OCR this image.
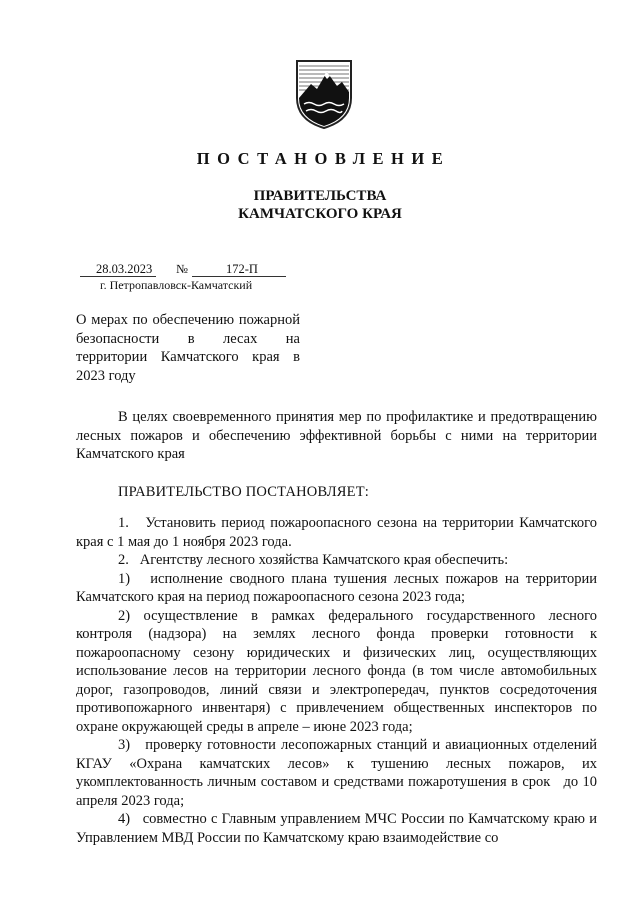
ПОСТАНОВЛЕНИЕ
ПРАВИТЕЛЬСТВА
КАМЧАТСКОГО КРАЯ
28.03.2023	№	172-П
г. Петропавловск-Камчатский
О мерах по обеспечению пожарной безопасности в лесах на территории Камчатского края в 2023 году
В целях своевременного принятия мер по профилактике и предотвращению лесных пожаров и обеспечению эффективной борьбы с ними на территории Камчатского края
ПРАВИТЕЛЬСТВО ПОСТАНОВЛЯЕТ:

1.   Установить период пожароопасного сезона на территории Камчатского края с 1 мая до 1 ноября 2023 года.

2.   Агентству лесного хозяйства Камчатского края обеспечить:

1)   исполнение сводного плана тушения лесных пожаров на территории Камчатского края на период пожароопасного сезона 2023 года;

2) осуществление в рамках федерального государственного лесного контроля (надзора) на землях лесного фонда проверки готовности к пожароопасному сезону юридических и физических лиц, осуществляющих использование лесов на территории лесного фонда (в том числе автомобильных дорог, газопроводов, линий связи и электропередач, пунктов сосредоточения противопожарного инвентаря) с привлечением общественных инспекторов по охране окружающей среды в апреле – июне 2023 года;

3)   проверку готовности лесопожарных станций и авиационных отделений КГАУ «Охрана камчатских лесов» к тушению лесных пожаров, их укомплектованность личным составом и средствами пожаротушения в срок   до 10 апреля 2023 года;

4)   совместно с Главным управлением МЧС России по Камчатскому краю и Управлением МВД России по Камчатскому краю взаимодействие со
